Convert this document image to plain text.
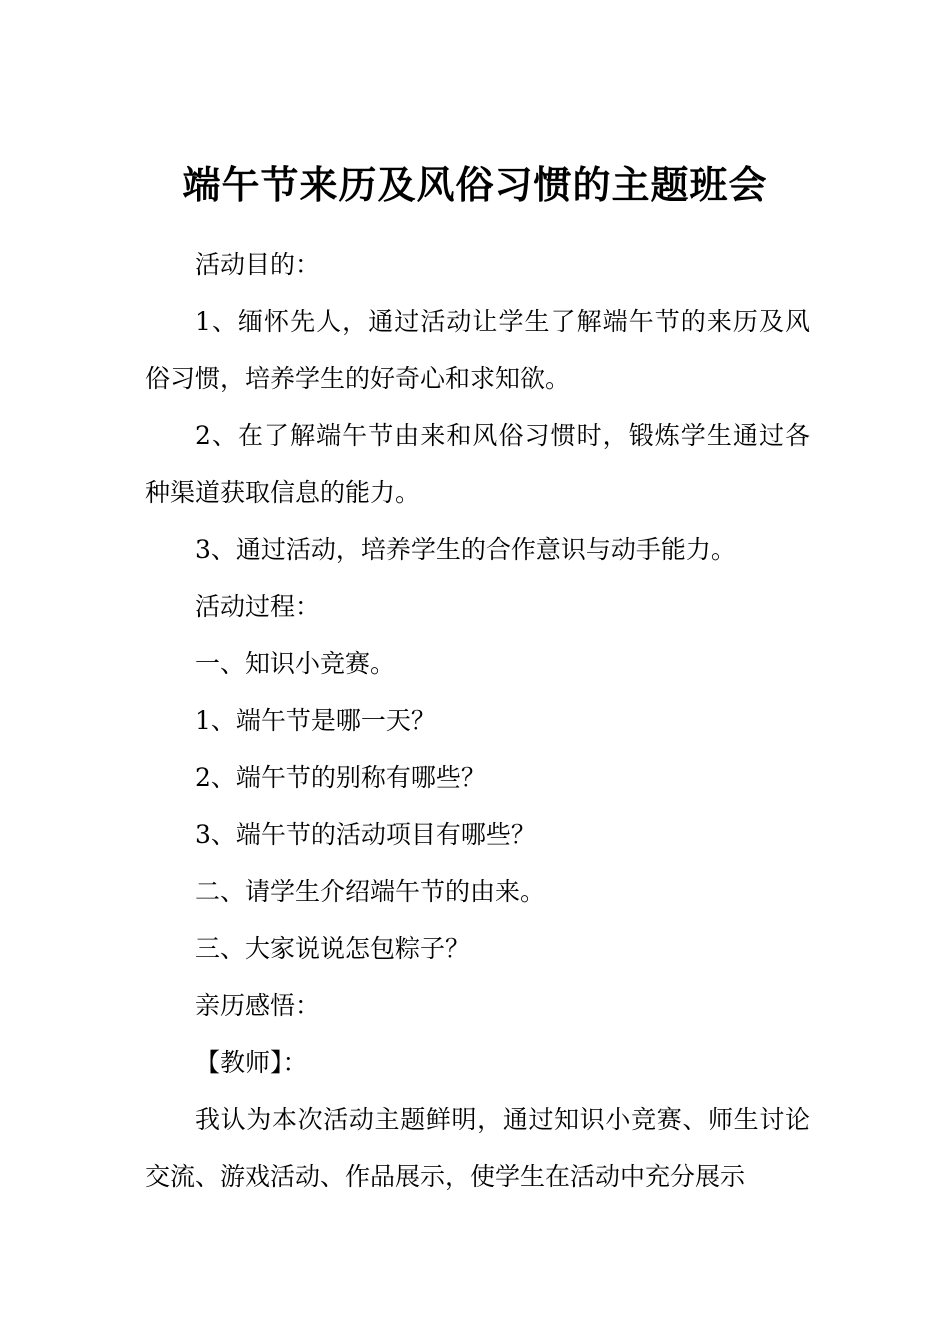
端午节来历及风俗习惯的主题班会

活动目的：

1、缅怀先人，通过活动让学生了解端午节的来历及风俗习惯，培养学生的好奇心和求知欲。

2、在了解端午节由来和风俗习惯时，锻炼学生通过各种渠道获取信息的能力。

3、通过活动，培养学生的合作意识与动手能力。

活动过程：

一、知识小竞赛。

1、端午节是哪一天？

2、端午节的别称有哪些？

3、端午节的活动项目有哪些？

二、请学生介绍端午节的由来。

三、大家说说怎包粽子？

亲历感悟：

【教师】：

我认为本次活动主题鲜明，通过知识小竞赛、师生讨论交流、游戏活动、作品展示，使学生在活动中充分展示
